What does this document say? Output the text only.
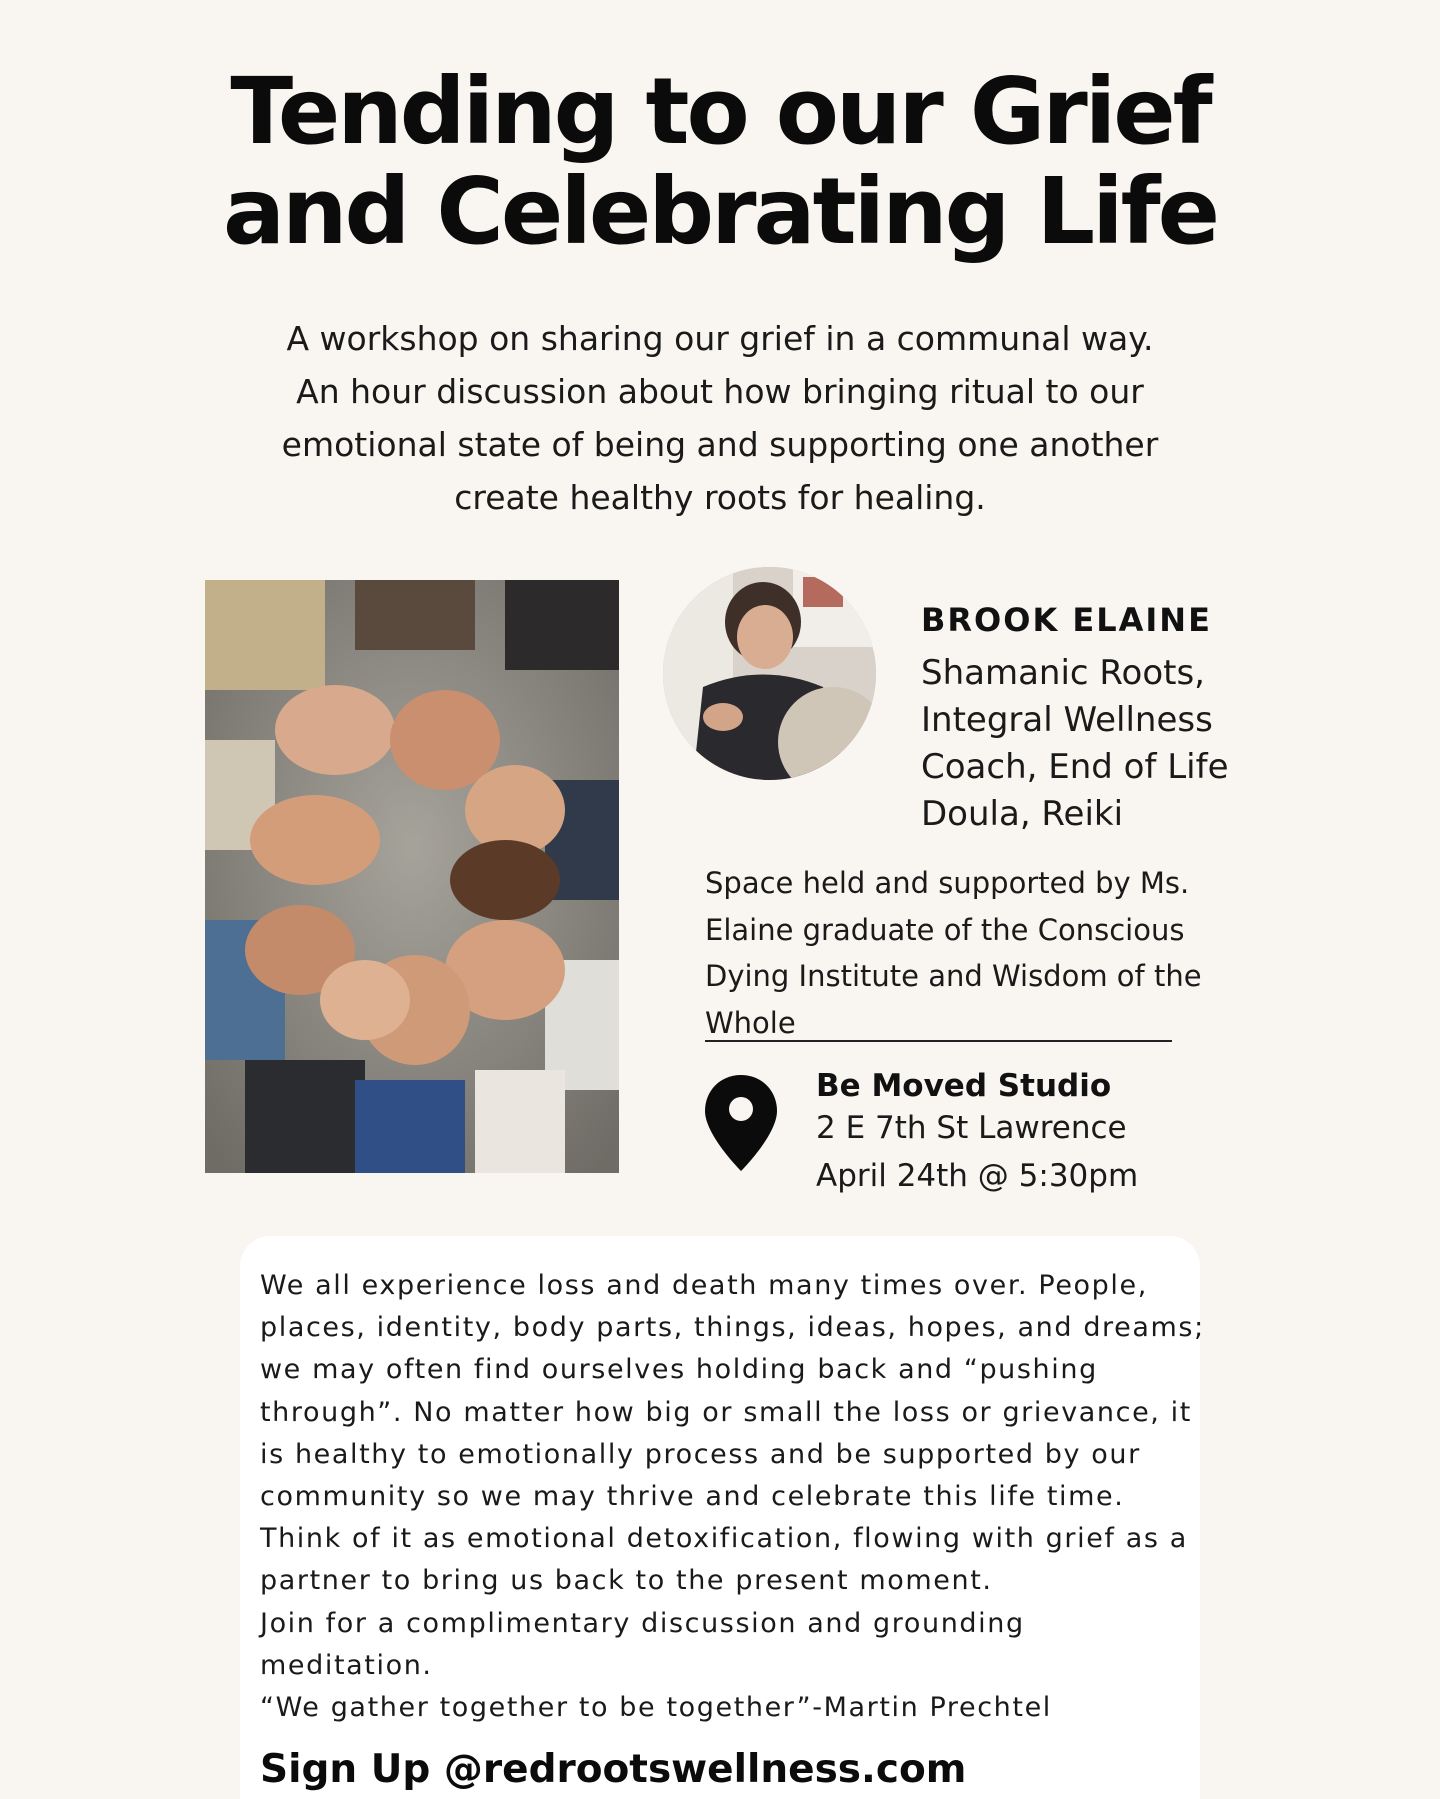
Tending to our Grief
and Celebrating Life
A workshop on sharing our grief in a communal way.
An hour discussion about how bringing ritual to our
emotional state of being and supporting one another
create healthy roots for healing.
BROOK ELAINE
Shamanic Roots,
Integral Wellness
Coach, End of Life
Doula, Reiki
Space held and supported by Ms.
Elaine graduate of the Conscious
Dying Institute and Wisdom of the
Whole
Be Moved Studio
2 E 7th St Lawrence
April 24th @ 5:30pm
We all experience loss and death many times over. People,
places, identity, body parts, things, ideas, hopes, and dreams;
we may often find ourselves holding back and “pushing
through”. No matter how big or small the loss or grievance, it
is healthy to emotionally process and be supported by our
community so we may thrive and celebrate this life time.
Think of it as emotional detoxification, flowing with grief as a
partner to bring us back to the present moment.
Join for a complimentary discussion and grounding
meditation.
“We gather together to be together”-Martin Prechtel
Sign Up @redrootswellness.com
